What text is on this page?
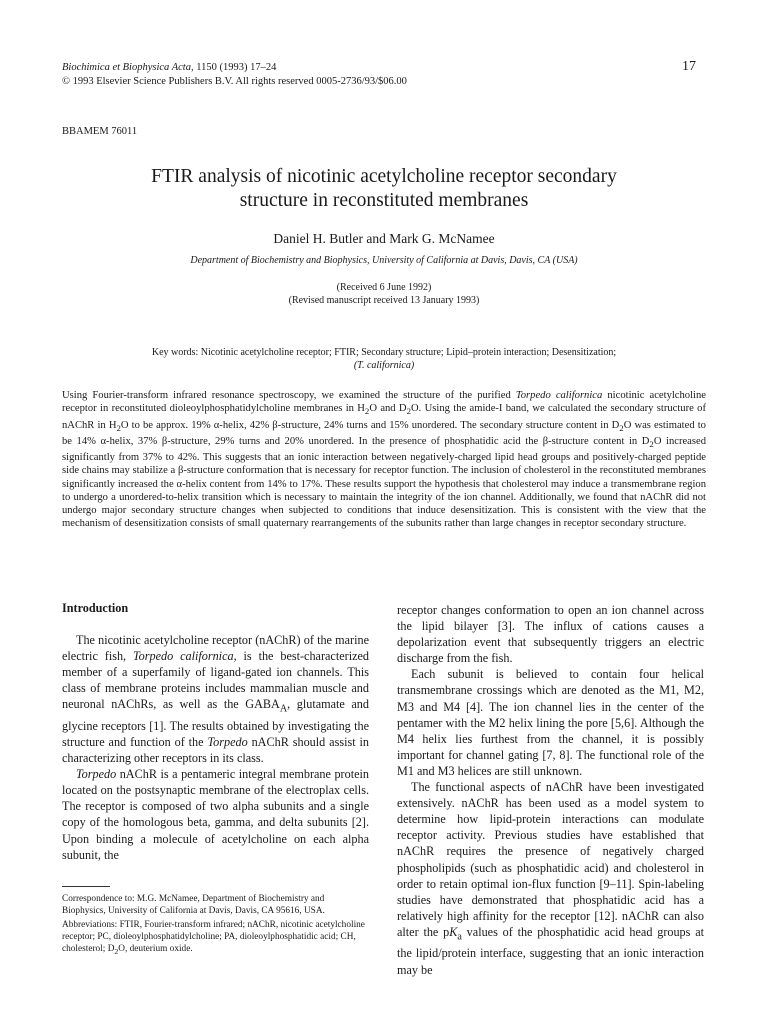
Biochimica et Biophysica Acta, 1150 (1993) 17–24
© 1993 Elsevier Science Publishers B.V. All rights reserved 0005-2736/93/$06.00
17
BBAMEM 76011
FTIR analysis of nicotinic acetylcholine receptor secondary
structure in reconstituted membranes
Daniel H. Butler and Mark G. McNamee
Department of Biochemistry and Biophysics, University of California at Davis, Davis, CA (USA)
(Received 6 June 1992)
(Revised manuscript received 13 January 1993)
Key words: Nicotinic acetylcholine receptor; FTIR; Secondary structure; Lipid–protein interaction; Desensitization;
(T. californica)
Using Fourier-transform infrared resonance spectroscopy, we examined the structure of the purified Torpedo californica nicotinic acetylcholine receptor in reconstituted dioleoylphosphatidylcholine membranes in $H_2O$ and $D_2O$. Using the amide-I band, we calculated the secondary structure of nAChR in $H_2O$ to be approx. 19% α-helix, 42% β-structure, 24% turns and 15% unordered. The secondary structure content in $D_2O$ was estimated to be 14% α-helix, 37% β-structure, 29% turns and 20% unordered. In the presence of phosphatidic acid the β-structure content in $D_2O$ increased significantly from 37% to 42%. This suggests that an ionic interaction between negatively-charged lipid head groups and positively-charged peptide side chains may stabilize a β-structure conformation that is necessary for receptor function. The inclusion of cholesterol in the reconstituted membranes significantly increased the α-helix content from 14% to 17%. These results support the hypothesis that cholesterol may induce a transmembrane region to undergo a unordered-to-helix transition which is necessary to maintain the integrity of the ion channel. Additionally, we found that nAChR did not undergo major secondary structure changes when subjected to conditions that induce desensitization. This is consistent with the view that the mechanism of desensitization consists of small quaternary rearrangements of the subunits rather than large changes in receptor secondary structure.
Introduction

The nicotinic acetylcholine receptor (nAChR) of the marine electric fish, Torpedo californica, is the best-characterized member of a superfamily of ligand-gated ion channels. This class of membrane proteins includes mammalian muscle and neuronal nAChRs, as well as the $GABA_A$, glutamate and glycine receptors [1]. The results obtained by investigating the structure and function of the Torpedo nAChR should assist in characterizing other receptors in its class.

Torpedo nAChR is a pentameric integral membrane protein located on the postsynaptic membrane of the electroplax cells. The receptor is composed of two alpha subunits and a single copy of the homologous beta, gamma, and delta subunits [2]. Upon binding a molecule of acetylcholine on each alpha subunit, the

receptor changes conformation to open an ion channel across the lipid bilayer [3]. The influx of cations causes a depolarization event that subsequently triggers an electric discharge from the fish.

Each subunit is believed to contain four helical transmembrane crossings which are denoted as the M1, M2, M3 and M4 [4]. The ion channel lies in the center of the pentamer with the M2 helix lining the pore [5,6]. Although the M4 helix lies furthest from the channel, it is possibly important for channel gating [7, 8]. The functional role of the M1 and M3 helices are still unknown.

The functional aspects of nAChR have been investigated extensively. nAChR has been used as a model system to determine how lipid-protein interactions can modulate receptor activity. Previous studies have established that nAChR requires the presence of negatively charged phospholipids (such as phosphatidic acid) and cholesterol in order to retain optimal ion-flux function [9–11]. Spin-labeling studies have demonstrated that phosphatidic acid has a relatively high affinity for the receptor [12]. nAChR can also alter the $pK_a$ values of the phosphatidic acid head groups at the lipid/protein interface, suggesting that an ionic interaction may be

Correspondence to: M.G. McNamee, Department of Biochemistry and Biophysics, University of California at Davis, Davis, CA 95616, USA.

Abbreviations: FTIR, Fourier-transform infrared; nAChR, nicotinic acetylcholine receptor; PC, dioleoylphosphatidylcholine; PA, dioleoylphosphatidic acid; CH, cholesterol; $D_2O$, deuterium oxide.
